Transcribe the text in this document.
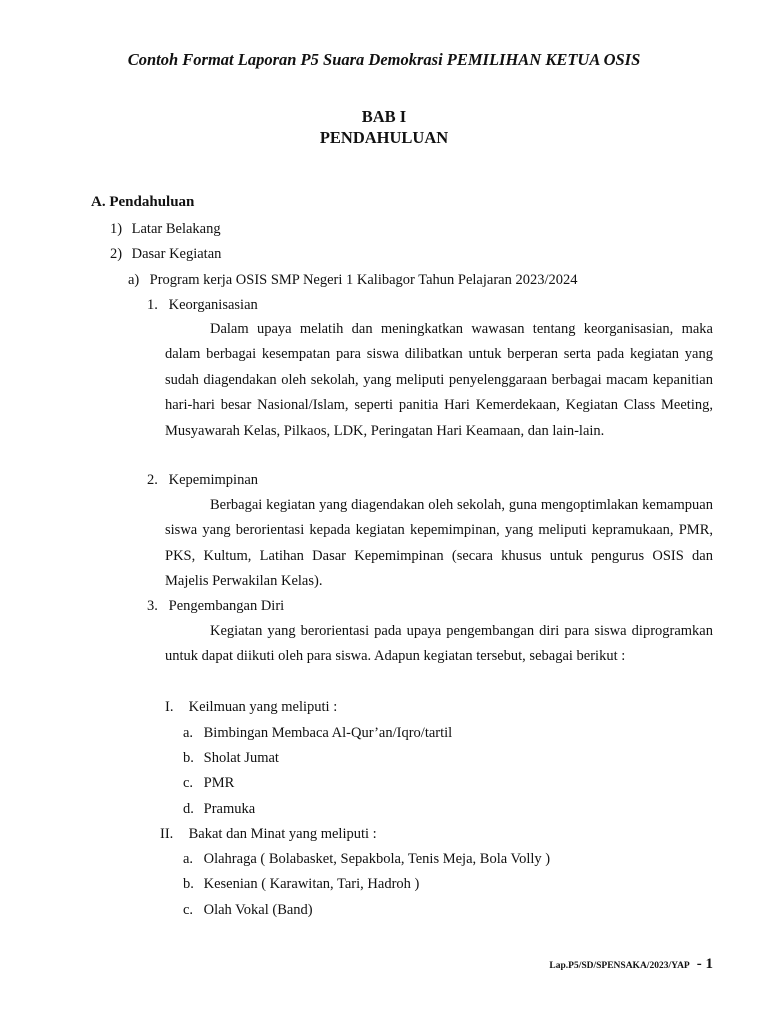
Contoh Format Laporan P5 Suara Demokrasi PEMILIHAN KETUA OSIS
BAB I
PENDAHULUAN
A. Pendahuluan
1) Latar Belakang
2) Dasar Kegiatan
a) Program kerja OSIS SMP Negeri 1 Kalibagor Tahun Pelajaran 2023/2024
1. Keorganisasian
Dalam upaya melatih dan meningkatkan wawasan tentang keorganisasian, maka dalam berbagai kesempatan para siswa dilibatkan untuk berperan serta pada kegiatan yang sudah diagendakan oleh sekolah, yang meliputi penyelenggaraan berbagai macam kepanitian hari-hari besar Nasional/Islam, seperti panitia Hari Kemerdekaan, Kegiatan Class Meeting, Musyawarah Kelas, Pilkaos, LDK, Peringatan Hari Keamaan, dan lain-lain.
2. Kepemimpinan
Berbagai kegiatan yang diagendakan oleh sekolah, guna mengoptimlakan kemampuan siswa yang berorientasi kepada kegiatan kepemimpinan, yang meliputi kepramukaan, PMR, PKS, Kultum, Latihan Dasar Kepemimpinan (secara khusus untuk pengurus OSIS dan Majelis Perwakilan Kelas).
3. Pengembangan Diri
Kegiatan yang berorientasi pada upaya pengembangan diri para siswa diprogramkan untuk dapat diikuti oleh para siswa. Adapun kegiatan tersebut, sebagai berikut :
I. Keilmuan yang meliputi :
a. Bimbingan Membaca Al-Qur’an/Iqro/tartil
b. Sholat Jumat
c. PMR
d. Pramuka
II. Bakat dan Minat yang meliputi :
a. Olahraga ( Bolabasket, Sepakbola, Tenis Meja, Bola Volly )
b. Kesenian ( Karawitan, Tari, Hadroh )
c. Olah Vokal (Band)
Lap.P5/SD/SPENSAKA/2023/YAP - 1
